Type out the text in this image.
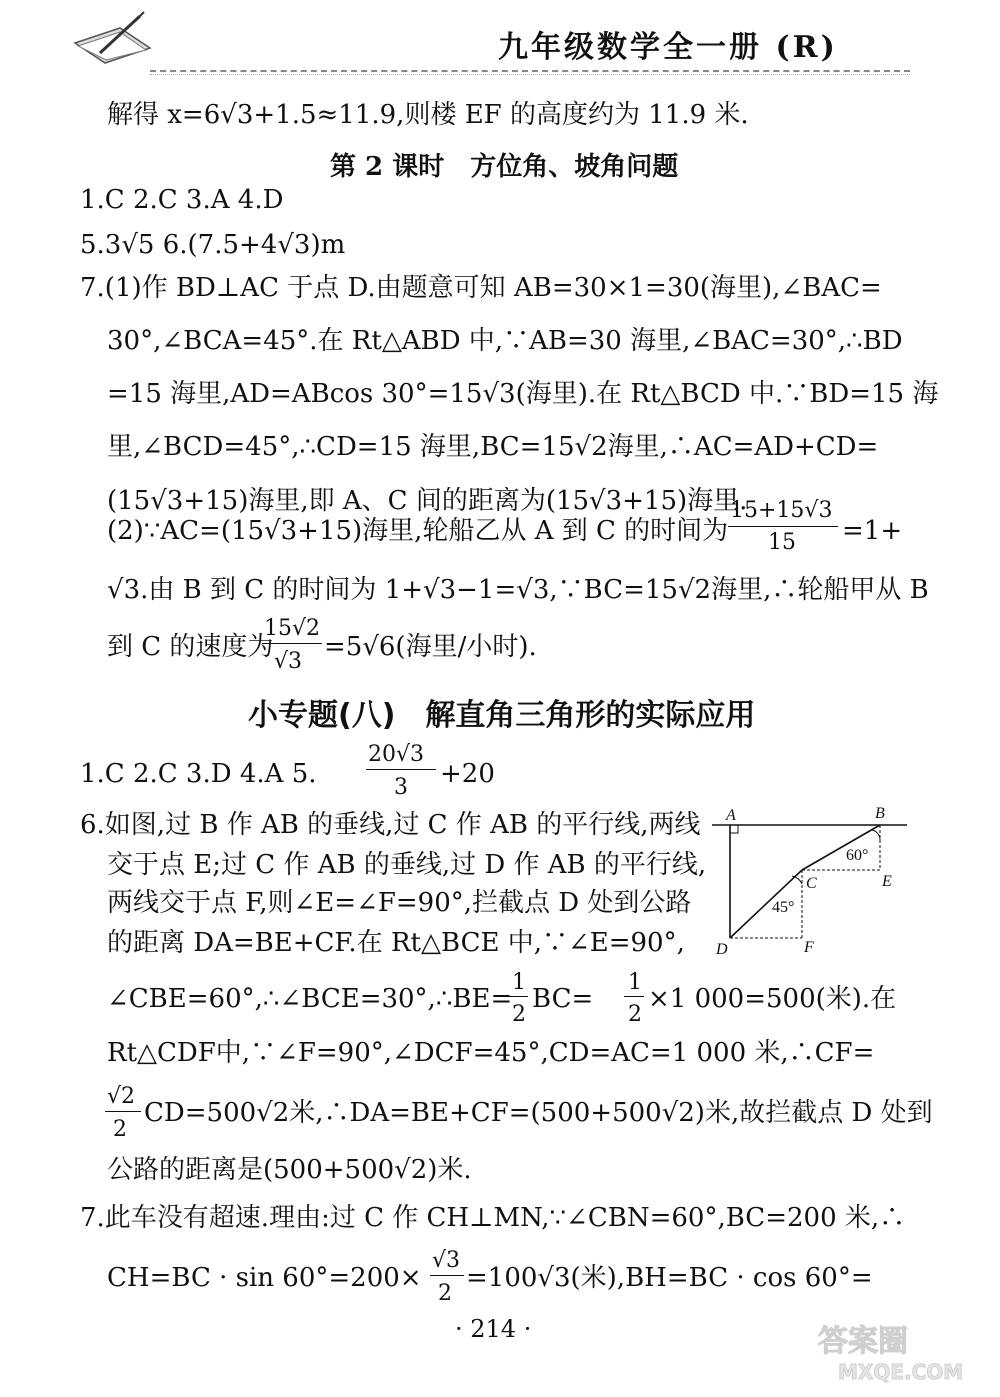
九年级数学全一册 (R)
解得 x=6√3+1.5≈11.9,则楼 EF 的高度约为 11.9 米.
第 2 课时　方位角、坡角问题
1.C 2.C 3.A 4.D
5.3√5 6.(7.5+4√3)m
7.(1)作 BD⊥AC 于点 D.由题意可知 AB=30×1=30(海里),∠BAC=
30°,∠BCA=45°.在 Rt△ABD 中,∵AB=30 海里,∠BAC=30°,∴BD
=15 海里,AD=ABcos 30°=15√3(海里).在 Rt△BCD 中.∵BD=15 海
里,∠BCD=45°,∴CD=15 海里,BC=15√2海里,∴AC=AD+CD=
(15√3+15)海里,即 A、C 间的距离为(15√3+15)海里.
(2)∵AC=(15√3+15)海里,轮船乙从 A 到 C 的时间为
15+15√3
15 =1+
√3.由 B 到 C 的时间为 1+√3−1=√3,∵BC=15√2海里,∴轮船甲从 B
到 C 的速度为
15√2
√3 =5√6(海里/小时).
小专题(八)　解直角三角形的实际应用
1.C 2.C 3.D 4.A 5.
20√3
3 +20
6.如图,过 B 作 AB 的垂线,过 C 作 AB 的平行线,两线
交于点 E;过 C 作 AB 的垂线,过 D 作 AB 的平行线,
两线交于点 F,则∠E=∠F=90°,拦截点 D 处到公路
的距离 DA=BE+CF.在 Rt△BCE 中,∵∠E=90°,
∠CBE=60°,∴∠BCE=30°,∴BE=
1
2
BC=
1
2
×1 000=500(米).在
Rt△CDF中,∵∠F=90°,∠DCF=45°,CD=AC=1 000 米,∴CF=
√2
2
CD=500√2米,∴DA=BE+CF=(500+500√2)米,故拦截点 D 处到
公路的距离是(500+500√2)米.
7.此车没有超速.理由:过 C 作 CH⊥MN,∵∠CBN=60°,BC=200 米,∴
CH=BC · sin 60°=200×
√3
2
=100√3(米),BH=BC · cos 60°=
A	B
C	E
D	F
60°
45°
· 214 ·	答案圈
MXQE.COM
